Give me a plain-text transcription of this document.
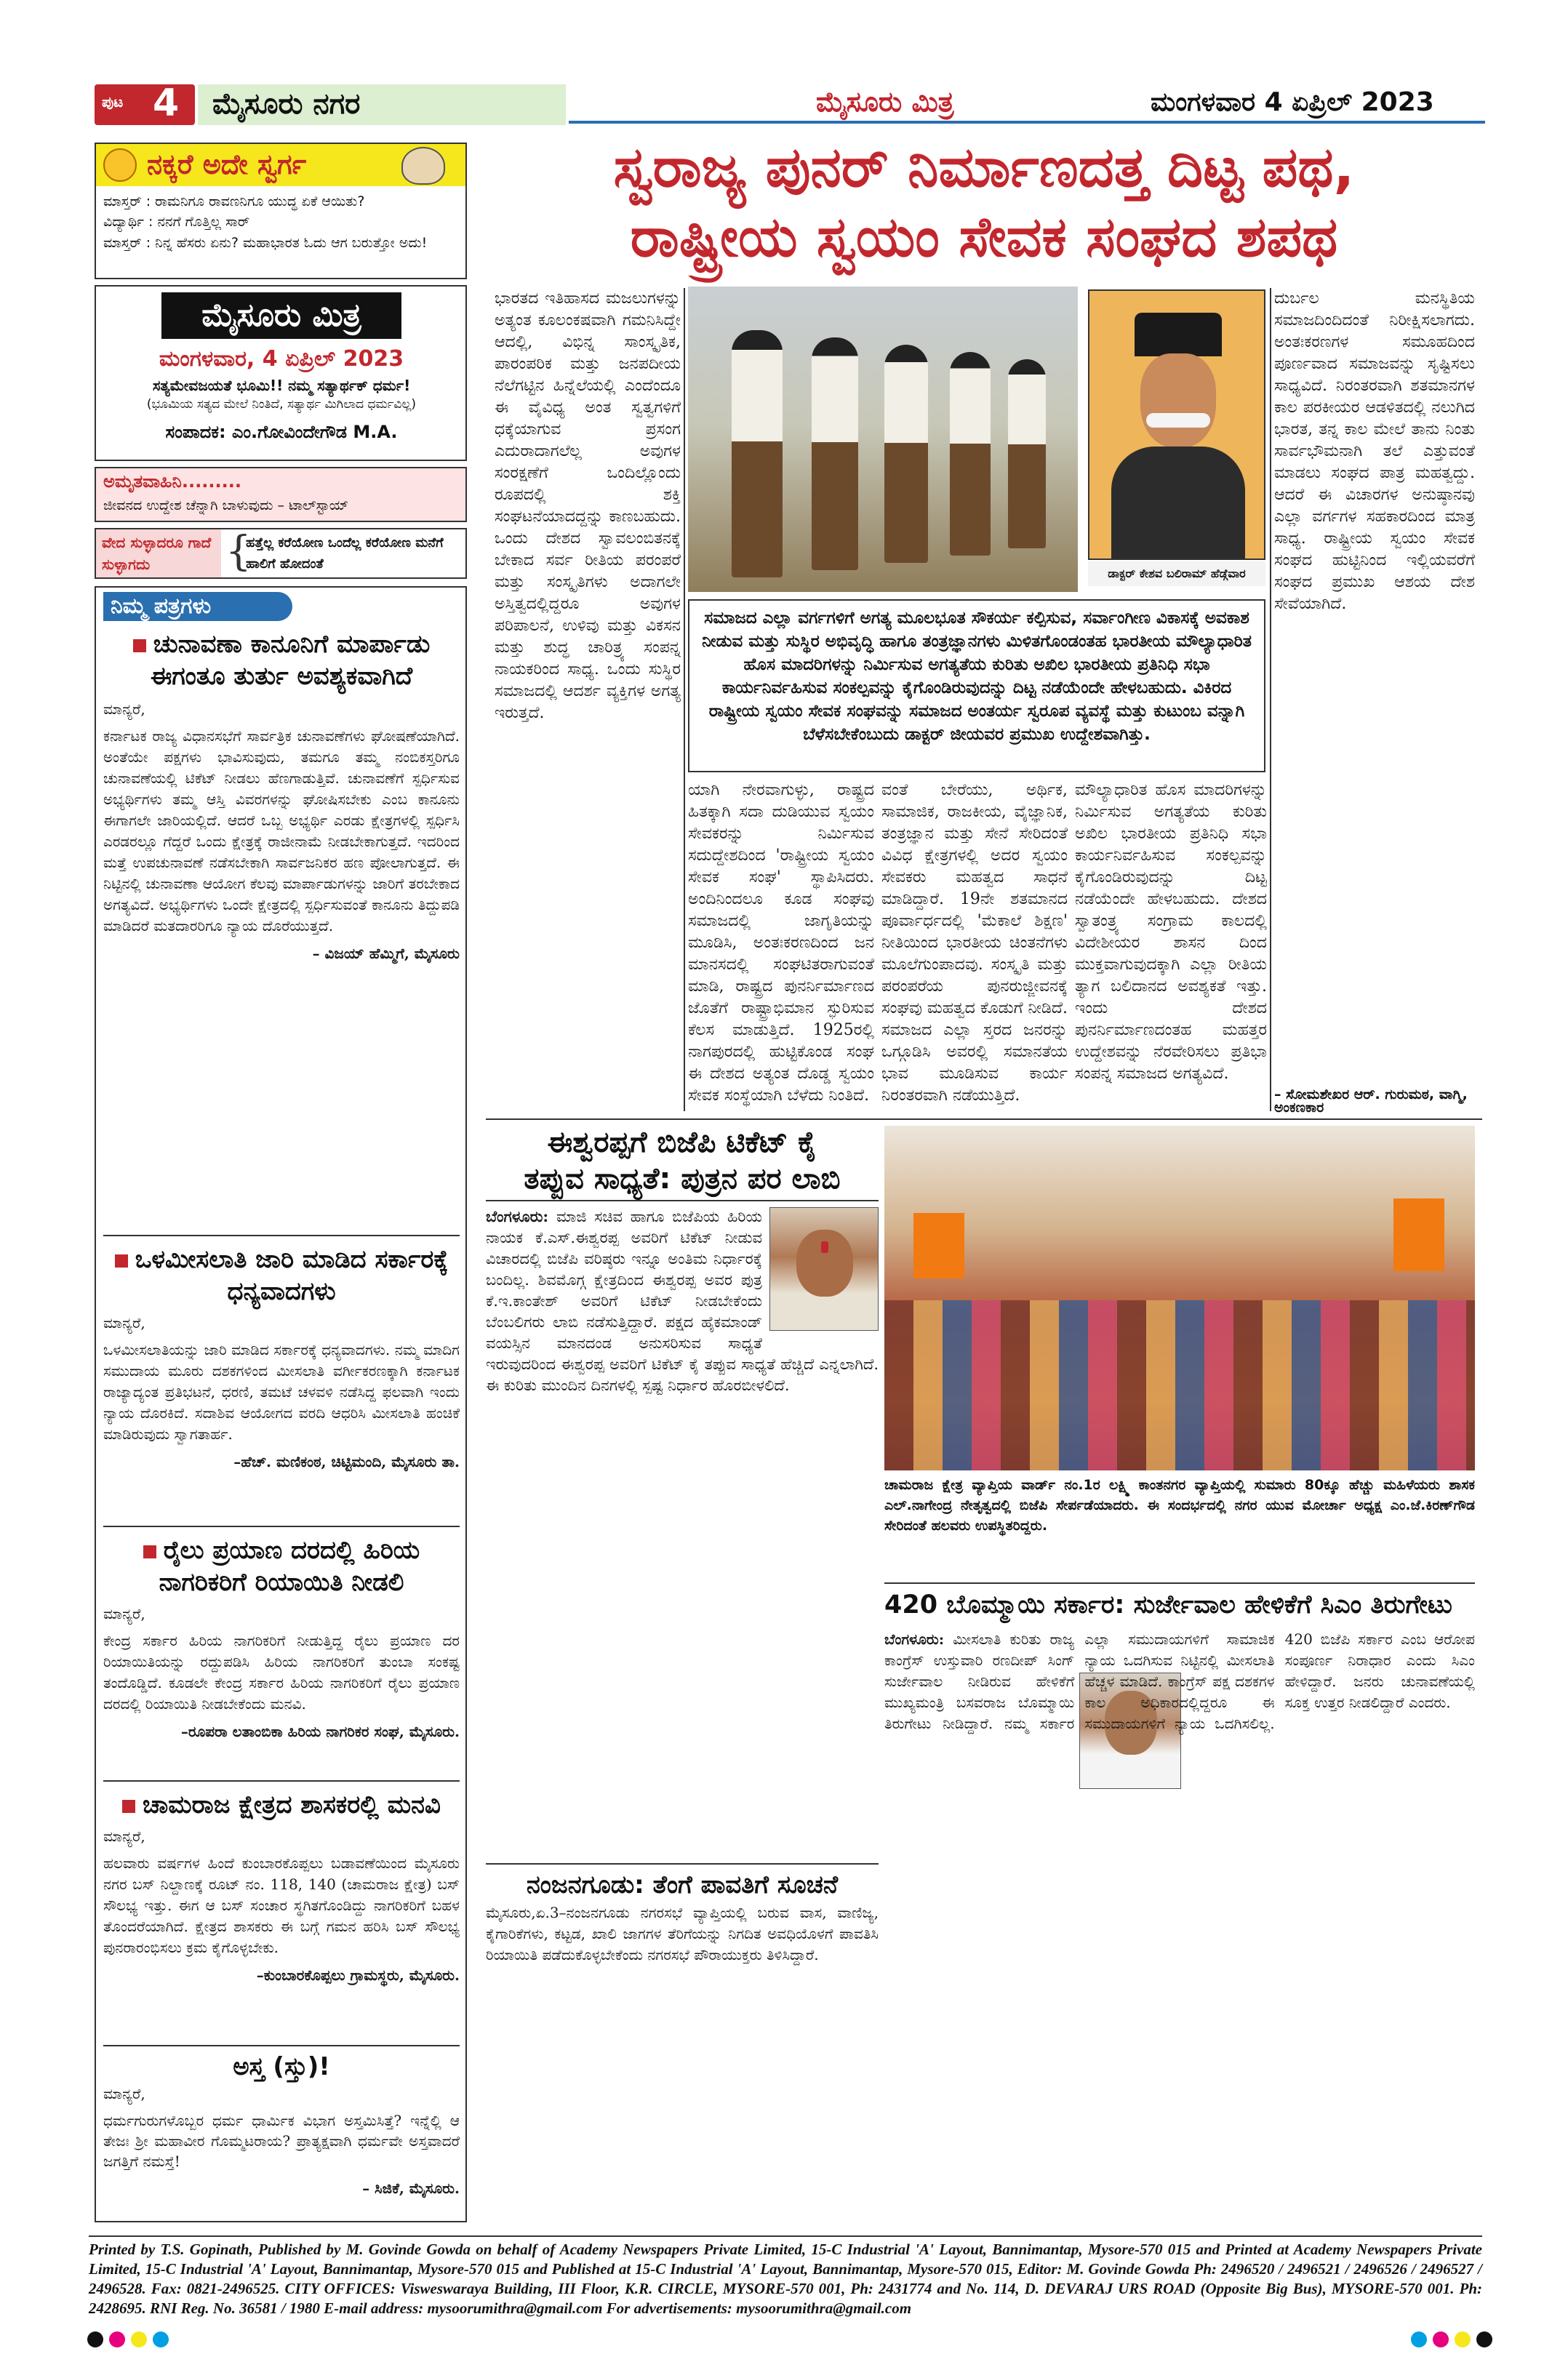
ಪುಟ 4 ಮೈಸೂರು ನಗರ	ಮೈಸೂರು ಮಿತ್ರ	ಮಂಗಳವಾರ 4 ಏಪ್ರಿಲ್ 2023
ನಕ್ಕರೆ ಅದೇ ಸ್ವರ್ಗ

ಮಾಸ್ತರ್ : ರಾಮನಿಗೂ ರಾವಣನಿಗೂ ಯುದ್ಧ ಏಕೆ ಆಯಿತು?

ವಿದ್ಯಾರ್ಥಿ : ನನಗೆ ಗೊತ್ತಿಲ್ಲ ಸಾರ್

ಮಾಸ್ತರ್ : ನಿನ್ನ ಹೆಸರು ಏನು? ಮಹಾಭಾರತ ಓದು ಆಗ ಬರುತ್ತೋ ಅದು!

ಮೈಸೂರು ಮಿತ್ರ
ಮಂಗಳವಾರ, 4 ಏಪ್ರಿಲ್ 2023
ಸತ್ಯಮೇವಜಯತೆ ಭೂಮಿ!! ನಮ್ಮ ಸತ್ಯಾರ್ಥಕ್ ಧರ್ಮ!
(ಭೂಮಿಯ ಸತ್ಯದ ಮೇಲೆ ನಿಂತಿದೆ, ಸತ್ಯಾರ್ಥ ಮಿಗಿಲಾದ ಧರ್ಮವಿಲ್ಲ)
ಸಂಪಾದಕ: ಎಂ.ಗೋವಿಂದೇಗೌಡ M.A.
ಅಮೃತವಾಹಿನಿ.........
ಜೀವನದ ಉದ್ದೇಶ ಚೆನ್ನಾಗಿ ಬಾಳುವುದು – ಟಾಲ್‌ಸ್ಟಾಯ್
ವೇದ ಸುಳ್ಳಾದರೂ ಗಾದೆ ಸುಳ್ಳಾಗದು	{
ಹತ್ತೆಲ್ಲ ಕರೆಯೋಣ ಒಂದೆಲ್ಲ ಕರೆಯೋಣ ಮನೆಗೆ ಹಾಲಿಗೆ ಹೋದಂತೆ
ನಿಮ್ಮ ಪತ್ರಗಳು
ಚುನಾವಣಾ ಕಾನೂನಿಗೆ ಮಾರ್ಪಾಡು ಈಗಂತೂ ತುರ್ತು ಅವಶ್ಯಕವಾಗಿದೆ

ಮಾನ್ಯರೆ,

ಕರ್ನಾಟಕ ರಾಜ್ಯ ವಿಧಾನಸಭೆಗೆ ಸಾರ್ವತ್ರಿಕ ಚುನಾವಣೆಗಳು ಘೋಷಣೆಯಾಗಿದೆ. ಅಂತೆಯೇ ಪಕ್ಷಗಳು ಭಾವಿಸುವುದು, ತಮಗೂ ತಮ್ಮ ನಂಬಿಕಸ್ತರಿಗೂ ಚುನಾವಣೆಯಲ್ಲಿ ಟಿಕೆಟ್ ನೀಡಲು ಹೆಣಗಾಡುತ್ತಿವೆ. ಚುನಾವಣೆಗೆ ಸ್ಪರ್ಧಿಸುವ ಅಭ್ಯರ್ಥಿಗಳು ತಮ್ಮ ಆಸ್ತಿ ವಿವರಗಳನ್ನು ಘೋಷಿಸಬೇಕು ಎಂಬ ಕಾನೂನು ಈಗಾಗಲೇ ಜಾರಿಯಲ್ಲಿದೆ. ಆದರೆ ಒಬ್ಬ ಅಭ್ಯರ್ಥಿ ಎರಡು ಕ್ಷೇತ್ರಗಳಲ್ಲಿ ಸ್ಪರ್ಧಿಸಿ ಎರಡರಲ್ಲೂ ಗೆದ್ದರೆ ಒಂದು ಕ್ಷೇತ್ರಕ್ಕೆ ರಾಜೀನಾಮೆ ನೀಡಬೇಕಾಗುತ್ತದೆ. ಇದರಿಂದ ಮತ್ತೆ ಉಪಚುನಾವಣೆ ನಡೆಸಬೇಕಾಗಿ ಸಾರ್ವಜನಿಕರ ಹಣ ಪೋಲಾಗುತ್ತದೆ. ಈ ನಿಟ್ಟಿನಲ್ಲಿ ಚುನಾವಣಾ ಆಯೋಗ ಕೆಲವು ಮಾರ್ಪಾಡುಗಳನ್ನು ಜಾರಿಗೆ ತರಬೇಕಾದ ಅಗತ್ಯವಿದೆ. ಅಭ್ಯರ್ಥಿಗಳು ಒಂದೇ ಕ್ಷೇತ್ರದಲ್ಲಿ ಸ್ಪರ್ಧಿಸುವಂತೆ ಕಾನೂನು ತಿದ್ದುಪಡಿ ಮಾಡಿದರೆ ಮತದಾರರಿಗೂ ನ್ಯಾಯ ದೊರೆಯುತ್ತದೆ.

– ವಿಜಯ್ ಹೆಮ್ಮಿಗೆ, ಮೈಸೂರು

ಒಳಮೀಸಲಾತಿ ಜಾರಿ ಮಾಡಿದ ಸರ್ಕಾರಕ್ಕೆ ಧನ್ಯವಾದಗಳು

ಮಾನ್ಯರೆ,

ಒಳಮೀಸಲಾತಿಯನ್ನು ಜಾರಿ ಮಾಡಿದ ಸರ್ಕಾರಕ್ಕೆ ಧನ್ಯವಾದಗಳು. ನಮ್ಮ ಮಾದಿಗ ಸಮುದಾಯ ಮೂರು ದಶಕಗಳಿಂದ ಮೀಸಲಾತಿ ವರ್ಗೀಕರಣಕ್ಕಾಗಿ ಕರ್ನಾಟಕ ರಾಜ್ಯಾದ್ಯಂತ ಪ್ರತಿಭಟನೆ, ಧರಣಿ, ತಮಟೆ ಚಳವಳಿ ನಡೆಸಿದ್ದ ಫಲವಾಗಿ ಇಂದು ನ್ಯಾಯ ದೊರಕಿದೆ. ಸದಾಶಿವ ಆಯೋಗದ ವರದಿ ಆಧರಿಸಿ ಮೀಸಲಾತಿ ಹಂಚಿಕೆ ಮಾಡಿರುವುದು ಸ್ವಾಗತಾರ್ಹ.

–ಹೆಚ್. ಮಣಿಕಂಠ, ಚಿಟ್ಟಿಮಂದಿ, ಮೈಸೂರು ತಾ.

ರೈಲು ಪ್ರಯಾಣ ದರದಲ್ಲಿ ಹಿರಿಯ ನಾಗರಿಕರಿಗೆ ರಿಯಾಯಿತಿ ನೀಡಲಿ

ಮಾನ್ಯರೆ,

ಕೇಂದ್ರ ಸರ್ಕಾರ ಹಿರಿಯ ನಾಗರಿಕರಿಗೆ ನೀಡುತ್ತಿದ್ದ ರೈಲು ಪ್ರಯಾಣ ದರ ರಿಯಾಯಿತಿಯನ್ನು ರದ್ದುಪಡಿಸಿ ಹಿರಿಯ ನಾಗರಿಕರಿಗೆ ತುಂಬಾ ಸಂಕಷ್ಟ ತಂದೊಡ್ಡಿದೆ. ಕೂಡಲೇ ಕೇಂದ್ರ ಸರ್ಕಾರ ಹಿರಿಯ ನಾಗರಿಕರಿಗೆ ರೈಲು ಪ್ರಯಾಣ ದರದಲ್ಲಿ ರಿಯಾಯಿತಿ ನೀಡಬೇಕೆಂದು ಮನವಿ.

–ರೂಪರಾ ಲತಾಂಬಿಕಾ ಹಿರಿಯ ನಾಗರಿಕರ ಸಂಘ, ಮೈಸೂರು.

ಚಾಮರಾಜ ಕ್ಷೇತ್ರದ ಶಾಸಕರಲ್ಲಿ ಮನವಿ

ಮಾನ್ಯರೆ,

ಹಲವಾರು ವರ್ಷಗಳ ಹಿಂದೆ ಕುಂಬಾರಕೊಪ್ಪಲು ಬಡಾವಣೆಯಿಂದ ಮೈಸೂರು ನಗರ ಬಸ್ ನಿಲ್ದಾಣಕ್ಕೆ ರೂಟ್ ನಂ. 118, 140 (ಚಾಮರಾಜ ಕ್ಷೇತ್ರ) ಬಸ್ ಸೌಲಭ್ಯ ಇತ್ತು. ಈಗ ಆ ಬಸ್ ಸಂಚಾರ ಸ್ಥಗಿತಗೊಂಡಿದ್ದು ನಾಗರಿಕರಿಗೆ ಬಹಳ ತೊಂದರೆಯಾಗಿದೆ. ಕ್ಷೇತ್ರದ ಶಾಸಕರು ಈ ಬಗ್ಗೆ ಗಮನ ಹರಿಸಿ ಬಸ್ ಸೌಲಭ್ಯ ಪುನರಾರಂಭಿಸಲು ಕ್ರಮ ಕೈಗೊಳ್ಳಬೇಕು.

–ಕುಂಬಾರಕೊಪ್ಪಲು ಗ್ರಾಮಸ್ಥರು, ಮೈಸೂರು.

ಅಸ್ತ (ಸ್ತು)!

ಮಾನ್ಯರೆ,

ಧರ್ಮಗುರುಗಳೊಬ್ಬರ ಧರ್ಮ ಧಾರ್ಮಿಕ ವಿಭಾಗ ಅಸ್ತಮಿಸಿತ್ತೆ? ಇನ್ನೆಲ್ಲಿ ಆ ತೇಜಃ ಶ್ರೀ ಮಹಾವೀರ ಗೊಮ್ಮಟರಾಯ? ಪ್ರಾತ್ಯಕ್ಷವಾಗಿ ಧರ್ಮವೇ ಅಸ್ತವಾದರೆ ಜಗತ್ತಿಗೆ ನಮಸ್ತೆ!

– ಸಿಜಿಕೆ, ಮೈಸೂರು.

ಸ್ವರಾಜ್ಯ ಪುನರ್ ನಿರ್ಮಾಣದತ್ತ ದಿಟ್ಟ ಪಥ,
ರಾಷ್ಟ್ರೀಯ ಸ್ವಯಂ ಸೇವಕ ಸಂಘದ ಶಪಥ

ಭಾರತದ ಇತಿಹಾಸದ ಮಜಲುಗಳನ್ನು ಅತ್ಯಂತ ಕೂಲಂಕಷವಾಗಿ ಗಮನಿಸಿದ್ದೇ ಆದಲ್ಲಿ, ವಿಭಿನ್ನ ಸಾಂಸ್ಕೃತಿಕ, ಪಾರಂಪರಿಕ ಮತ್ತು ಜನಪದೀಯ ನೆಲೆಗಟ್ಟಿನ ಹಿನ್ನೆಲೆಯಲ್ಲಿ ಎಂದೆಂದೂ ಈ ವೈವಿಧ್ಯ ಅಂತ ಸ್ವತ್ವಗಳಿಗೆ ಧಕ್ಕೆಯಾಗುವ ಪ್ರಸಂಗ ಎದುರಾದಾಗಲೆಲ್ಲ ಅವುಗಳ ಸಂರಕ್ಷಣೆಗೆ ಒಂದಿಲ್ಲೊಂದು ರೂಪದಲ್ಲಿ ಶಕ್ತಿ ಸಂಘಟನೆಯಾದದ್ದನ್ನು ಕಾಣಬಹುದು. ಒಂದು ದೇಶದ ಸ್ವಾವಲಂಬಿತನಕ್ಕೆ ಬೇಕಾದ ಸರ್ವ ರೀತಿಯ ಪರಂಪರೆ ಮತ್ತು ಸಂಸ್ಕೃತಿಗಳು ಅದಾಗಲೇ ಅಸ್ತಿತ್ವದಲ್ಲಿದ್ದರೂ ಅವುಗಳ ಪರಿಪಾಲನೆ, ಉಳಿವು ಮತ್ತು ವಿಕಸನ ಮತ್ತು ಶುದ್ಧ ಚಾರಿತ್ರ್ಯ ಸಂಪನ್ನ ನಾಯಕರಿಂದ ಸಾಧ್ಯ. ಒಂದು ಸುಸ್ಥಿರ ಸಮಾಜದಲ್ಲಿ ಆದರ್ಶ ವ್ಯಕ್ತಿಗಳ ಅಗತ್ಯ ಇರುತ್ತದೆ.

ಡಾಕ್ಟರ್ ಕೇಶವ ಬಲಿರಾಮ್ ಹೆಡ್ಗೆವಾರ

ಸಮಾಜದ ಎಲ್ಲಾ ವರ್ಗಗಳಿಗೆ ಅಗತ್ಯ ಮೂಲಭೂತ ಸೌಕರ್ಯ ಕಲ್ಪಿಸುವ, ಸರ್ವಾಂಗೀಣ ವಿಕಾಸಕ್ಕೆ ಅವಕಾಶ ನೀಡುವ ಮತ್ತು ಸುಸ್ಥಿರ ಅಭಿವೃದ್ಧಿ ಹಾಗೂ ತಂತ್ರಜ್ಞಾನಗಳು ಮಿಳಿತಗೊಂಡಂತಹ ಭಾರತೀಯ ಮೌಲ್ಯಾಧಾರಿತ ಹೊಸ ಮಾದರಿಗಳನ್ನು ನಿರ್ಮಿಸುವ ಅಗತ್ಯತೆಯ ಕುರಿತು ಅಖಿಲ ಭಾರತೀಯ ಪ್ರತಿನಿಧಿ ಸಭಾ ಕಾರ್ಯನಿರ್ವಹಿಸುವ ಸಂಕಲ್ಪವನ್ನು ಕೈಗೊಂಡಿರುವುದನ್ನು ದಿಟ್ಟ ನಡೆಯೆಂದೇ ಹೇಳಬಹುದು. ವಿಕಿರದ ರಾಷ್ಟ್ರೀಯ ಸ್ವಯಂ ಸೇವಕ ಸಂಘವನ್ನು ಸಮಾಜದ ಅಂತರ್ಯ ಸ್ವರೂಪ ವ್ಯವಸ್ಥೆ ಮತ್ತು ಕುಟುಂಬ ವನ್ನಾಗಿ ಬೆಳೆಸಬೇಕೆಂಬುದು ಡಾಕ್ಟರ್ ಜೀಯವರ ಪ್ರಮುಖ ಉದ್ದೇಶವಾಗಿತ್ತು.

ಯಾಗಿ ನೇರವಾಗುಳ್ಳು, ರಾಷ್ಟ್ರದ ಹಿತಕ್ಕಾಗಿ ಸದಾ ದುಡಿಯುವ ಸ್ವಯಂ ಸೇವಕರನ್ನು ನಿರ್ಮಿಸುವ ಸದುದ್ದೇಶದಿಂದ 'ರಾಷ್ಟ್ರೀಯ ಸ್ವಯಂ ಸೇವಕ ಸಂಘ' ಸ್ಥಾಪಿಸಿದರು. ಅಂದಿನಿಂದಲೂ ಕೂಡ ಸಂಘವು ಸಮಾಜದಲ್ಲಿ ಜಾಗೃತಿಯನ್ನು ಮೂಡಿಸಿ, ಅಂತಃಕರಣದಿಂದ ಜನ ಮಾನಸದಲ್ಲಿ ಸಂಘಟಿತರಾಗುವಂತೆ ಮಾಡಿ, ರಾಷ್ಟ್ರದ ಪುನರ್ನಿರ್ಮಾಣದ ಜೊತೆಗೆ ರಾಷ್ಟ್ರಾಭಿಮಾನ ಸ್ಫುರಿಸುವ ಕೆಲಸ ಮಾಡುತ್ತಿದೆ. 1925ರಲ್ಲಿ ನಾಗಪುರದಲ್ಲಿ ಹುಟ್ಟಿಕೊಂಡ ಸಂಘ ಈ ದೇಶದ ಅತ್ಯಂತ ದೊಡ್ಡ ಸ್ವಯಂ ಸೇವಕ ಸಂಸ್ಥೆಯಾಗಿ ಬೆಳೆದು ನಿಂತಿದೆ.

ವಂತೆ ಬೇರೆಯು, ಅರ್ಥಿಕ, ಸಾಮಾಜಿಕ, ರಾಜಕೀಯ, ವೈಜ್ಞಾನಿಕ, ತಂತ್ರಜ್ಞಾನ ಮತ್ತು ಸೇನೆ ಸೇರಿದಂತೆ ವಿವಿಧ ಕ್ಷೇತ್ರಗಳಲ್ಲಿ ಅದರ ಸ್ವಯಂ ಸೇವಕರು ಮಹತ್ವದ ಸಾಧನೆ ಮಾಡಿದ್ದಾರೆ. 19ನೇ ಶತಮಾನದ ಪೂರ್ವಾರ್ಧದಲ್ಲಿ 'ಮೆಕಾಲೆ ಶಿಕ್ಷಣ' ನೀತಿಯಿಂದ ಭಾರತೀಯ ಚಿಂತನೆಗಳು ಮೂಲೆಗುಂಪಾದವು. ಸಂಸ್ಕೃತಿ ಮತ್ತು ಪರಂಪರೆಯ ಪುನರುಜ್ಜೀವನಕ್ಕೆ ಸಂಘವು ಮಹತ್ವದ ಕೊಡುಗೆ ನೀಡಿದೆ. ಸಮಾಜದ ಎಲ್ಲಾ ಸ್ತರದ ಜನರನ್ನು ಒಗ್ಗೂಡಿಸಿ ಅವರಲ್ಲಿ ಸಮಾನತೆಯ ಭಾವ ಮೂಡಿಸುವ ಕಾರ್ಯ ನಿರಂತರವಾಗಿ ನಡೆಯುತ್ತಿದೆ.

ಮೌಲ್ಯಾಧಾರಿತ ಹೊಸ ಮಾದರಿಗಳನ್ನು ನಿರ್ಮಿಸುವ ಅಗತ್ಯತೆಯ ಕುರಿತು ಅಖಿಲ ಭಾರತೀಯ ಪ್ರತಿನಿಧಿ ಸಭಾ ಕಾರ್ಯನಿರ್ವಹಿಸುವ ಸಂಕಲ್ಪವನ್ನು ಕೈಗೊಂಡಿರುವುದನ್ನು ದಿಟ್ಟ ನಡೆಯೆಂದೇ ಹೇಳಬಹುದು. ದೇಶದ ಸ್ವಾತಂತ್ರ್ಯ ಸಂಗ್ರಾಮ ಕಾಲದಲ್ಲಿ ವಿದೇಶೀಯರ ಶಾಸನ ದಿಂದ ಮುಕ್ತವಾಗುವುದಕ್ಕಾಗಿ ಎಲ್ಲಾ ರೀತಿಯ ತ್ಯಾಗ ಬಲಿದಾನದ ಅವಶ್ಯಕತೆ ಇತ್ತು. ಇಂದು ದೇಶದ ಪುನರ್ನಿರ್ಮಾಣದಂತಹ ಮಹತ್ತರ ಉದ್ದೇಶವನ್ನು ನೆರವೇರಿಸಲು ಪ್ರತಿಭಾ ಸಂಪನ್ನ ಸಮಾಜದ ಅಗತ್ಯವಿದೆ.

ದುರ್ಬಲ ಮನಸ್ಥಿತಿಯ ಸಮಾಜದಿಂದಿದಂತೆ ನಿರೀಕ್ಷಿಸಲಾಗದು. ಅಂತಃಕರಣಗಳ ಸಮೂಹದಿಂದ ಪೂರ್ಣವಾದ ಸಮಾಜವನ್ನು ಸೃಷ್ಟಿಸಲು ಸಾಧ್ಯವಿದೆ. ನಿರಂತರವಾಗಿ ಶತಮಾನಗಳ ಕಾಲ ಪರಕೀಯರ ಆಡಳಿತದಲ್ಲಿ ನಲುಗಿದ ಭಾರತ, ತನ್ನ ಕಾಲ ಮೇಲೆ ತಾನು ನಿಂತು ಸಾರ್ವಭೌಮನಾಗಿ ತಲೆ ಎತ್ತುವಂತೆ ಮಾಡಲು ಸಂಘದ ಪಾತ್ರ ಮಹತ್ವದ್ದು. ಆದರೆ ಈ ವಿಚಾರಗಳ ಅನುಷ್ಠಾನವು ಎಲ್ಲಾ ವರ್ಗಗಳ ಸಹಕಾರದಿಂದ ಮಾತ್ರ ಸಾಧ್ಯ. ರಾಷ್ಟ್ರೀಯ ಸ್ವಯಂ ಸೇವಕ ಸಂಘದ ಹುಟ್ಟಿನಿಂದ ಇಲ್ಲಿಯವರೆಗೆ ಸಂಘದ ಪ್ರಮುಖ ಆಶಯ ದೇಶ ಸೇವೆಯಾಗಿದೆ.

– ಸೋಮಶೇಖರ ಆರ್. ಗುರುಮಠ, ವಾಗ್ಮಿ, ಅಂಕಣಕಾರ
ಈಶ್ವರಪ್ಪಗೆ ಬಿಜೆಪಿ ಟಿಕೆಟ್ ಕೈ
ತಪ್ಪುವ ಸಾಧ್ಯತೆ: ಪುತ್ರನ ಪರ ಲಾಬಿ

ಬೆಂಗಳೂರು: ಮಾಜಿ ಸಚಿವ ಹಾಗೂ ಬಿಜೆಪಿಯ ಹಿರಿಯ ನಾಯಕ ಕೆ.ಎಸ್.ಈಶ್ವರಪ್ಪ ಅವರಿಗೆ ಟಿಕೆಟ್ ನೀಡುವ ವಿಚಾರದಲ್ಲಿ ಬಿಜೆಪಿ ವರಿಷ್ಠರು ಇನ್ನೂ ಅಂತಿಮ ನಿರ್ಧಾರಕ್ಕೆ ಬಂದಿಲ್ಲ. ಶಿವಮೊಗ್ಗ ಕ್ಷೇತ್ರದಿಂದ ಈಶ್ವರಪ್ಪ ಅವರ ಪುತ್ರ ಕೆ.ಇ.ಕಾಂತೇಶ್ ಅವರಿಗೆ ಟಿಕೆಟ್ ನೀಡಬೇಕೆಂದು ಬೆಂಬಲಿಗರು ಲಾಬಿ ನಡೆಸುತ್ತಿದ್ದಾರೆ. ಪಕ್ಷದ ಹೈಕಮಾಂಡ್ ವಯಸ್ಸಿನ ಮಾನದಂಡ ಅನುಸರಿಸುವ ಸಾಧ್ಯತೆ ಇರುವುದರಿಂದ ಈಶ್ವರಪ್ಪ ಅವರಿಗೆ ಟಿಕೆಟ್ ಕೈ ತಪ್ಪುವ ಸಾಧ್ಯತೆ ಹೆಚ್ಚಿದೆ ಎನ್ನಲಾಗಿದೆ. ಈ ಕುರಿತು ಮುಂದಿನ ದಿನಗಳಲ್ಲಿ ಸ್ಪಷ್ಟ ನಿರ್ಧಾರ ಹೊರಬೀಳಲಿದೆ.

ಚಾಮರಾಜ ಕ್ಷೇತ್ರ ವ್ಯಾಪ್ತಿಯ ವಾರ್ಡ್ ನಂ.1ರ ಲಕ್ಷ್ಮಿ ಕಾಂತನಗರ ವ್ಯಾಪ್ತಿಯಲ್ಲಿ ಸುಮಾರು 80ಕ್ಕೂ ಹೆಚ್ಚು ಮಹಿಳೆಯರು ಶಾಸಕ ಎಲ್.ನಾಗೇಂದ್ರ ನೇತೃತ್ವದಲ್ಲಿ ಬಿಜೆಪಿ ಸೇರ್ಪಡೆಯಾದರು. ಈ ಸಂದರ್ಭದಲ್ಲಿ ನಗರ ಯುವ ಮೋರ್ಚಾ ಅಧ್ಯಕ್ಷ ಎಂ.ಜೆ.ಕಿರಣ್‌ಗೌಡ ಸೇರಿದಂತೆ ಹಲವರು ಉಪಸ್ಥಿತರಿದ್ದರು.
420 ಬೊಮ್ಮಾಯಿ ಸರ್ಕಾರ: ಸುರ್ಜೇವಾಲ ಹೇಳಿಕೆಗೆ ಸಿಎಂ ತಿರುಗೇಟು

ಬೆಂಗಳೂರು: ಮೀಸಲಾತಿ ಕುರಿತು ರಾಜ್ಯ ಕಾಂಗ್ರೆಸ್ ಉಸ್ತುವಾರಿ ರಣದೀಪ್ ಸಿಂಗ್ ಸುರ್ಜೇವಾಲ ನೀಡಿರುವ ಹೇಳಿಕೆಗೆ ಮುಖ್ಯಮಂತ್ರಿ ಬಸವರಾಜ ಬೊಮ್ಮಾಯಿ ತಿರುಗೇಟು ನೀಡಿದ್ದಾರೆ. ನಮ್ಮ ಸರ್ಕಾರ ಎಲ್ಲಾ ಸಮುದಾಯಗಳಿಗೆ ಸಾಮಾಜಿಕ ನ್ಯಾಯ ಒದಗಿಸುವ ನಿಟ್ಟಿನಲ್ಲಿ ಮೀಸಲಾತಿ ಹೆಚ್ಚಳ ಮಾಡಿದೆ. ಕಾಂಗ್ರೆಸ್ ಪಕ್ಷ ದಶಕಗಳ ಕಾಲ ಅಧಿಕಾರದಲ್ಲಿದ್ದರೂ ಈ ಸಮುದಾಯಗಳಿಗೆ ನ್ಯಾಯ ಒದಗಿಸಲಿಲ್ಲ. 420 ಬಿಜೆಪಿ ಸರ್ಕಾರ ಎಂಬ ಆರೋಪ ಸಂಪೂರ್ಣ ನಿರಾಧಾರ ಎಂದು ಸಿಎಂ ಹೇಳಿದ್ದಾರೆ. ಜನರು ಚುನಾವಣೆಯಲ್ಲಿ ಸೂಕ್ತ ಉತ್ತರ ನೀಡಲಿದ್ದಾರೆ ಎಂದರು.

ನಂಜನಗೂಡು: ತೆಂಗೆ ಪಾವತಿಗೆ ಸೂಚನೆ

ಮೈಸೂರು,ಏ.3–ನಂಜನಗೂಡು ನಗರಸಭೆ ವ್ಯಾಪ್ತಿಯಲ್ಲಿ ಬರುವ ವಾಸ, ವಾಣಿಜ್ಯ, ಕೈಗಾರಿಕೆಗಳು, ಕಟ್ಟಡ, ಖಾಲಿ ಜಾಗಗಳ ತೆರಿಗೆಯನ್ನು ನಿಗದಿತ ಅವಧಿಯೊಳಗೆ ಪಾವತಿಸಿ ರಿಯಾಯಿತಿ ಪಡೆದುಕೊಳ್ಳಬೇಕೆಂದು ನಗರಸಭೆ ಪೌರಾಯುಕ್ತರು ತಿಳಿಸಿದ್ದಾರೆ.

Printed by T.S. Gopinath, Published by M. Govinde Gowda on behalf of Academy Newspapers Private Limited, 15-C Industrial 'A' Layout, Bannimantap, Mysore-570 015 and Printed at Academy Newspapers Private Limited, 15-C Industrial 'A' Layout, Bannimantap, Mysore-570 015 and Published at 15-C Industrial 'A' Layout, Bannimantap, Mysore-570 015, Editor: M. Govinde Gowda Ph: 2496520 / 2496521 / 2496526 / 2496527 / 2496528. Fax: 0821-2496525. CITY OFFICES: Visweswaraya Building, III Floor, K.R. CIRCLE, MYSORE-570 001, Ph: 2431774 and No. 114, D. DEVARAJ URS ROAD (Opposite Big Bus), MYSORE-570 001. Ph: 2428695. RNI Reg. No. 36581 / 1980 E-mail address: mysoorumithra@gmail.com For advertisements: mysoorumithra@gmail.com
